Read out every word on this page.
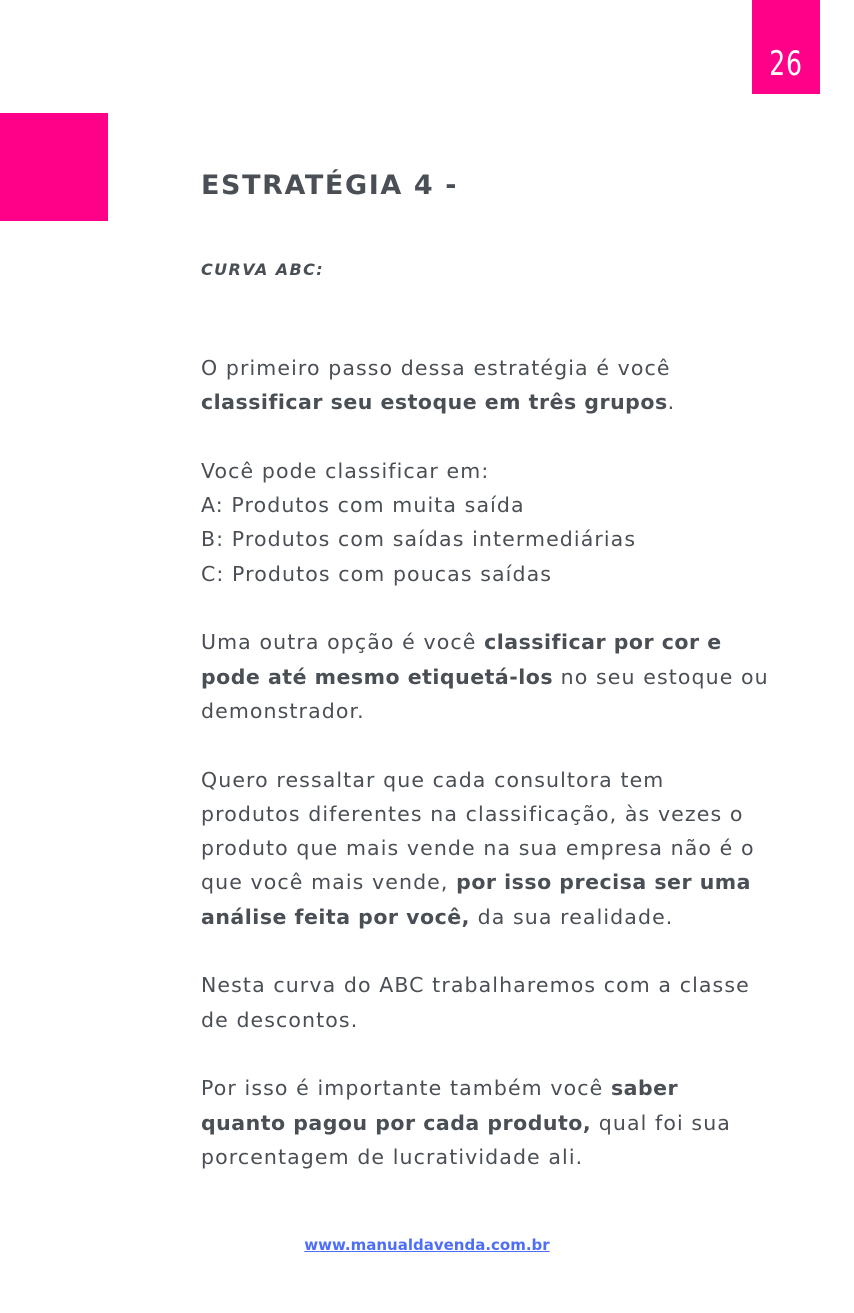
26
ESTRATÉGIA 4 -
CURVA ABC:

O primeiro passo dessa estratégia é você
classificar seu estoque em três grupos.

Você pode classificar em:
A: Produtos com muita saída
B: Produtos com saídas intermediárias
C: Produtos com poucas saídas

Uma outra opção é você classificar por cor e
pode até mesmo etiquetá-los no seu estoque ou
demonstrador.

Quero ressaltar que cada consultora tem
produtos diferentes na classificação, às vezes o
produto que mais vende na sua empresa não é o
que você mais vende, por isso precisa ser uma
análise feita por você, da sua realidade.

Nesta curva do ABC trabalharemos com a classe
de descontos.

Por isso é importante também você saber
quanto pagou por cada produto, qual foi sua
porcentagem de lucratividade ali.

www.manualdavenda.com.br
